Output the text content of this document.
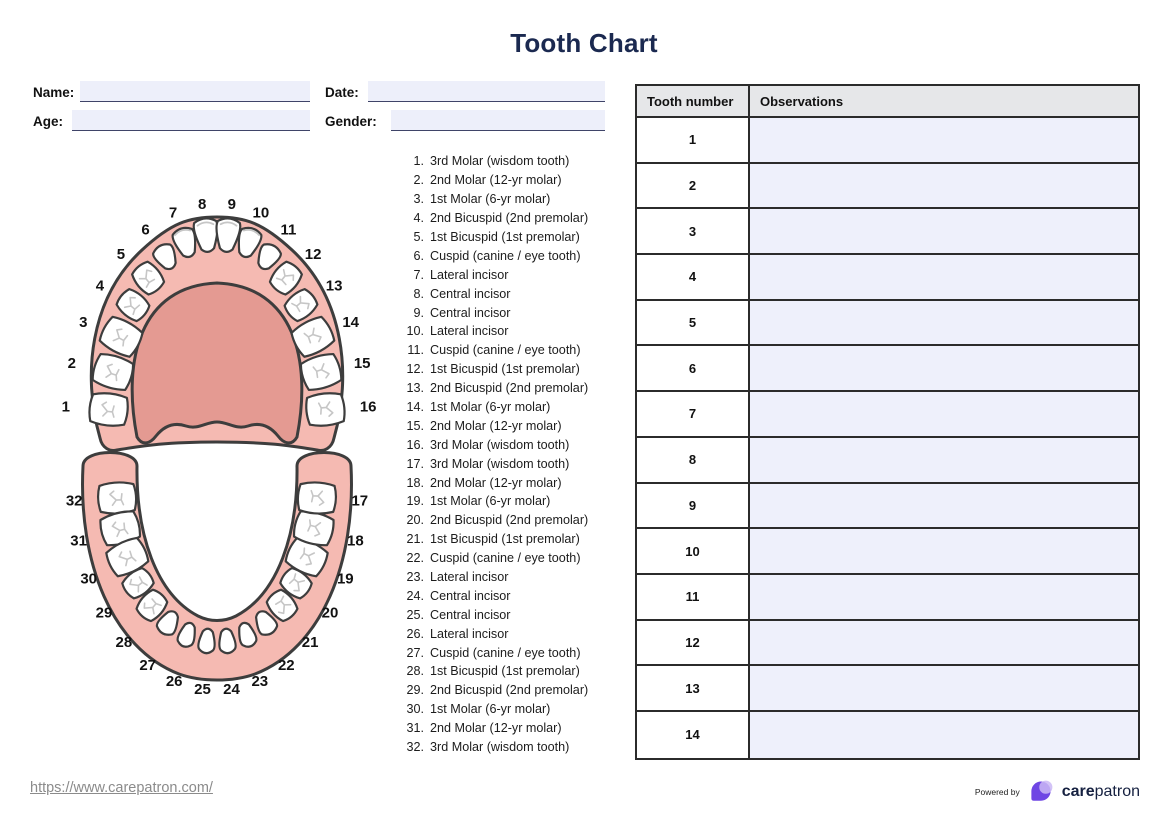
Tooth Chart
Name:	Date:
Age:	Gender:
1
2
3
4
5
6
7
8 9
10
11
12
13
14
15
16
32
31
30
29
28
27
26 25 24 23
22
21
20
19
18
17
1. 3rd Molar (wisdom tooth)
2. 2nd Molar (12-yr molar)
3. 1st Molar (6-yr molar)
4. 2nd Bicuspid (2nd premolar)
5. 1st Bicuspid (1st premolar)
6. Cuspid (canine / eye tooth)
7. Lateral incisor
8. Central incisor
9. Central incisor
10. Lateral incisor
11. Cuspid (canine / eye tooth)
12. 1st Bicuspid (1st premolar)
13. 2nd Bicuspid (2nd premolar)
14. 1st Molar (6-yr molar)
15. 2nd Molar (12-yr molar)
16. 3rd Molar (wisdom tooth)
17. 3rd Molar (wisdom tooth)
18. 2nd Molar (12-yr molar)
19. 1st Molar (6-yr molar)
20. 2nd Bicuspid (2nd premolar)
21. 1st Bicuspid (1st premolar)
22. Cuspid (canine / eye tooth)
23. Lateral incisor
24. Central incisor
25. Central incisor
26. Lateral incisor
27. Cuspid (canine / eye tooth)
28. 1st Bicuspid (1st premolar)
29. 2nd Bicuspid (2nd premolar)
30. 1st Molar (6-yr molar)
31. 2nd Molar (12-yr molar)
32. 3rd Molar (wisdom tooth)
Tooth number	Observations
1
2
3
4
5
6
7
8
9
10
11
12
13
14
https://www.carepatron.com/	Powered by	carepatron
